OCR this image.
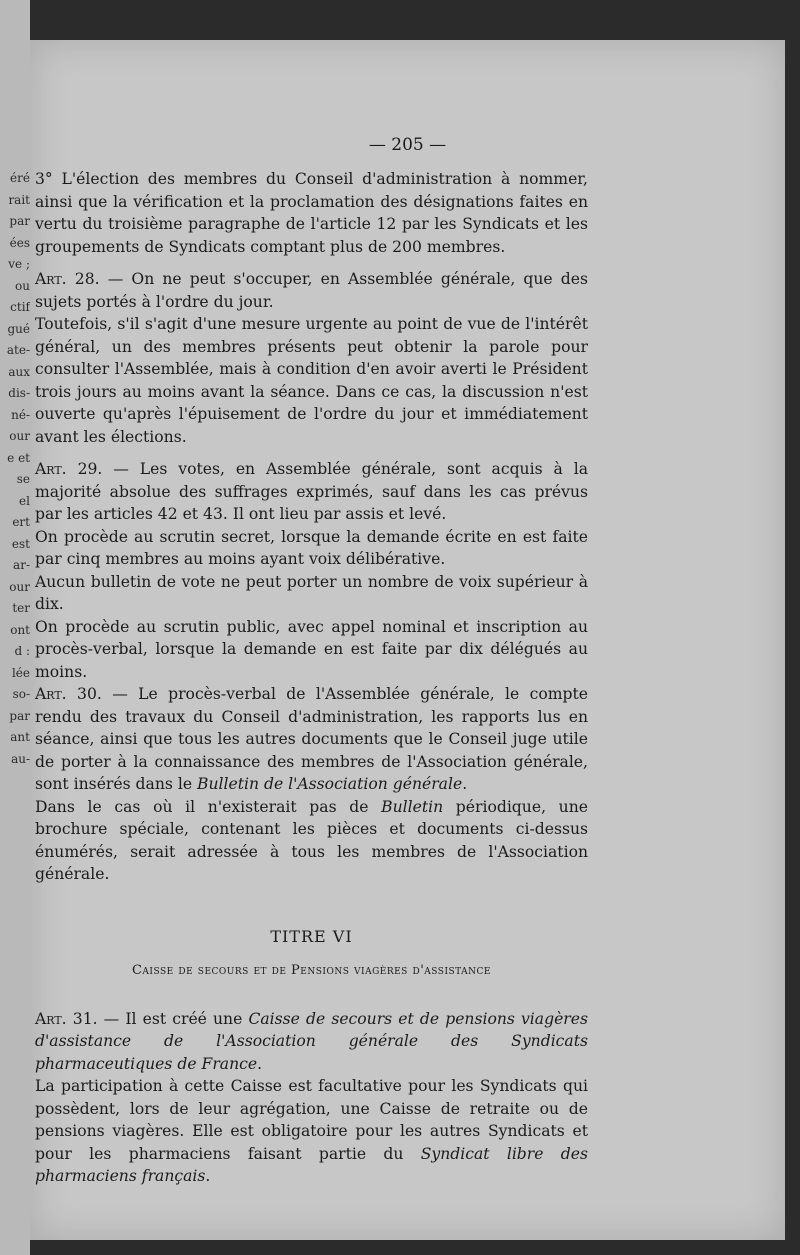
éré
rait
par
ées
ve ;
ou
ctif
gué
ate-
aux
dis-
né-
our
e et
se
el
ert
est
ar-
our
ter
ont
d :
lée
so-
par
ant
au-
— 205 —

3° L'élection des membres du Conseil d'administration à nommer, ainsi que la vérification et la proclamation des désignations faites en vertu du troisième paragraphe de l'article 12 par les Syndicats et les groupements de Syndicats comptant plus de 200 membres.

Art. 28. — On ne peut s'occuper, en Assemblée générale, que des sujets portés à l'ordre du jour.

Toutefois, s'il s'agit d'une mesure urgente au point de vue de l'intérêt général, un des membres présents peut obtenir la parole pour consulter l'Assemblée, mais à condition d'en avoir averti le Président trois jours au moins avant la séance. Dans ce cas, la discussion n'est ouverte qu'après l'épuisement de l'ordre du jour et immédiatement avant les élections.

Art. 29. — Les votes, en Assemblée générale, sont acquis à la majorité absolue des suffrages exprimés, sauf dans les cas prévus par les articles 42 et 43. Il ont lieu par assis et levé.

On procède au scrutin secret, lorsque la demande écrite en est faite par cinq membres au moins ayant voix délibérative.

Aucun bulletin de vote ne peut porter un nombre de voix supérieur à dix.

On procède au scrutin public, avec appel nominal et inscription au procès-verbal, lorsque la demande en est faite par dix délégués au moins.

Art. 30. — Le procès-verbal de l'Assemblée générale, le compte rendu des travaux du Conseil d'administration, les rapports lus en séance, ainsi que tous les autres documents que le Conseil juge utile de porter à la connaissance des membres de l'Association générale, sont insérés dans le Bulletin de l'Association générale.

Dans le cas où il n'existerait pas de Bulletin périodique, une brochure spéciale, contenant les pièces et documents ci-dessus énumérés, serait adressée à tous les membres de l'Association générale.

TITRE VI
Caisse de secours et de Pensions viagères d'assistance

Art. 31. — Il est créé une Caisse de secours et de pensions viagères d'assistance de l'Association générale des Syndicats pharmaceutiques de France.

La participation à cette Caisse est facultative pour les Syndicats qui possèdent, lors de leur agrégation, une Caisse de retraite ou de pensions viagères. Elle est obligatoire pour les autres Syndicats et pour les pharmaciens faisant partie du Syndicat libre des pharmaciens français.
